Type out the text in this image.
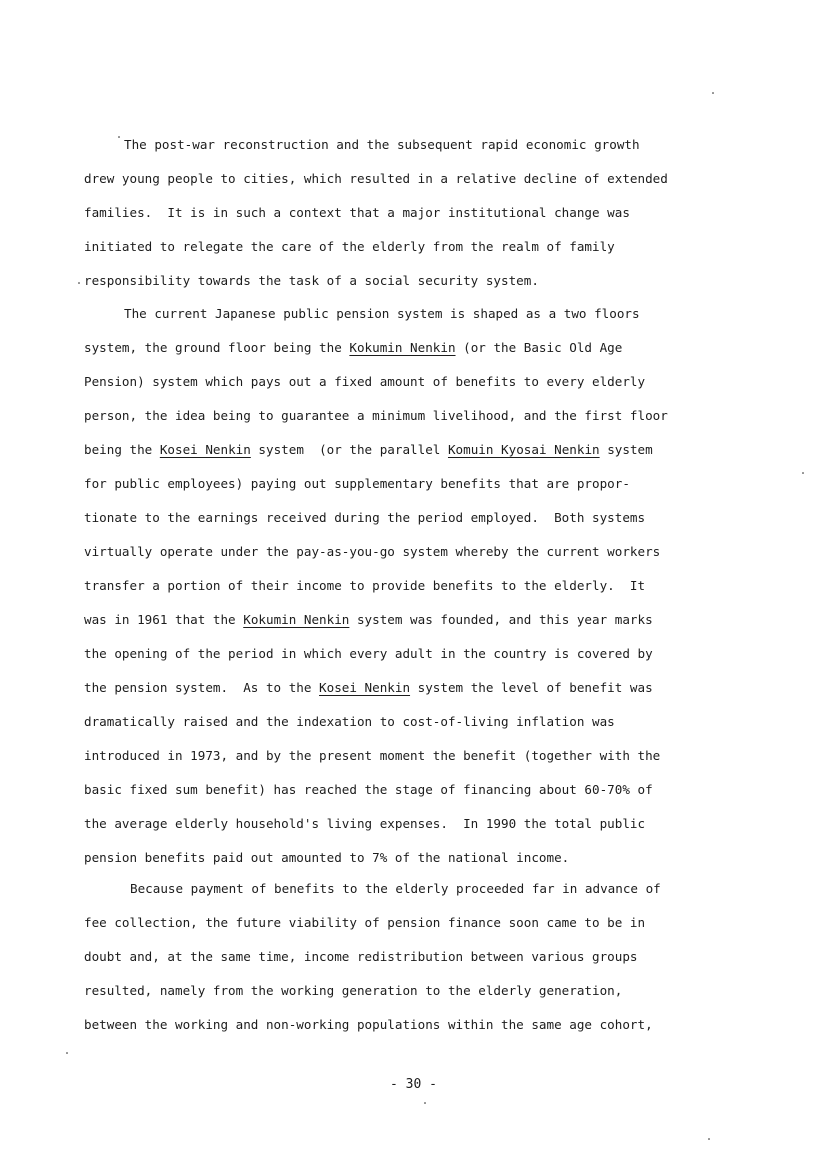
The post-war reconstruction and the subsequent rapid economic growth
drew young people to cities, which resulted in a relative decline of extended
families.  It is in such a context that a major institutional change was
initiated to relegate the care of the elderly from the realm of family
responsibility towards the task of a social security system.
The current Japanese public pension system is shaped as a two floors
system, the ground floor being the Kokumin Nenkin (or the Basic Old Age
Pension) system which pays out a fixed amount of benefits to every elderly
person, the idea being to guarantee a minimum livelihood, and the first floor
being the Kosei Nenkin system  (or the parallel Komuin Kyosai Nenkin system
for public employees) paying out supplementary benefits that are propor-
tionate to the earnings received during the period employed.  Both systems
virtually operate under the pay-as-you-go system whereby the current workers
transfer a portion of their income to provide benefits to the elderly.  It
was in 1961 that the Kokumin Nenkin system was founded, and this year marks
the opening of the period in which every adult in the country is covered by
the pension system.  As to the Kosei Nenkin system the level of benefit was
dramatically raised and the indexation to cost-of-living inflation was
introduced in 1973, and by the present moment the benefit (together with the
basic fixed sum benefit) has reached the stage of financing about 60-70% of
the average elderly household's living expenses.  In 1990 the total public
pension benefits paid out amounted to 7% of the national income.
Because payment of benefits to the elderly proceeded far in advance of
fee collection, the future viability of pension finance soon came to be in
doubt and, at the same time, income redistribution between various groups
resulted, namely from the working generation to the elderly generation,
between the working and non-working populations within the same age cohort,
- 30 -
